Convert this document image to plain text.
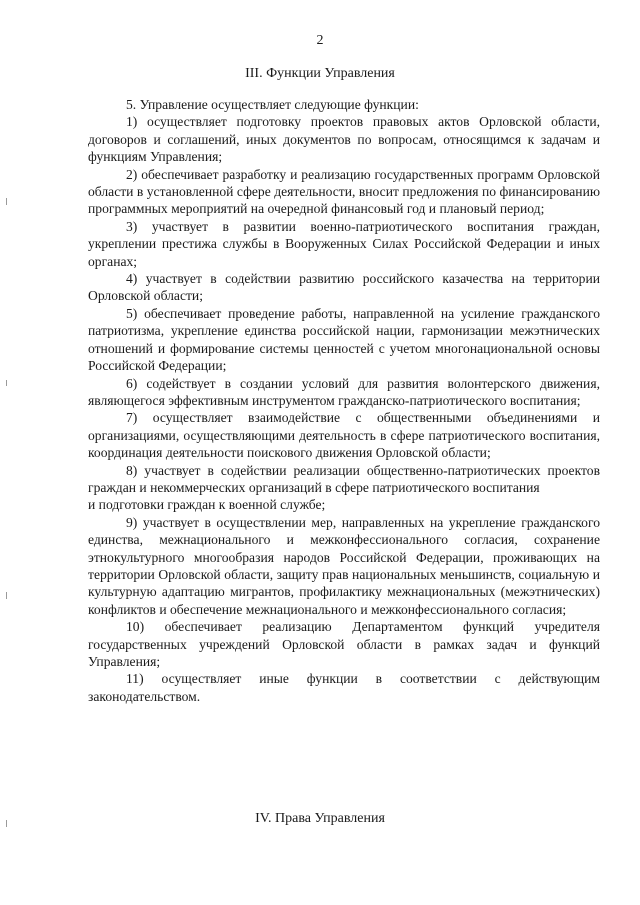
2
III. Функции Управления

5. Управление осуществляет следующие функции:

1) осуществляет подготовку проектов правовых актов Орловской области, договоров и соглашений, иных документов по вопросам, относящимся к задачам и функциям Управления;

2) обеспечивает разработку и реализацию государственных программ Орловской области в установленной сфере деятельности, вносит предложения по финансированию программных мероприятий на очередной финансовый год и плановый период;

3) участвует в развитии военно-патриотического воспитания граждан, укреплении престижа службы в Вооруженных Силах Российской Федерации и иных органах;

4) участвует в содействии развитию российского казачества на территории Орловской области;

5) обеспечивает проведение работы, направленной на усиление гражданского патриотизма, укрепление единства российской нации, гармонизации межэтнических отношений и формирование системы ценностей с учетом многонациональной основы Российской Федерации;

6) содействует в создании условий для развития волонтерского движения, являющегося эффективным инструментом гражданско-патриотического воспитания;

7) осуществляет взаимодействие с общественными объединениями и организациями, осуществляющими деятельность в сфере патриотического воспитания, координация деятельности поискового движения Орловской области;

8) участвует в содействии реализации общественно-патриотических проектов граждан и некоммерческих организаций в сфере патриотического воспитания

и подготовки граждан к военной службе;

9) участвует в осуществлении мер, направленных на укрепление гражданского единства, межнационального и межконфессионального согласия, сохранение этнокультурного многообразия народов Российской Федерации, проживающих на территории Орловской области, защиту прав национальных меньшинств, социальную и культурную адаптацию мигрантов, профилактику межнациональных (межэтнических) конфликтов и обеспечение межнационального и межконфессионального согласия;

10) обеспечивает реализацию Департаментом функций учредителя государственных учреждений Орловской области в рамках задач и функций Управления;

11) осуществляет иные функции в соответствии с действующим законодательством.

IV. Права Управления
